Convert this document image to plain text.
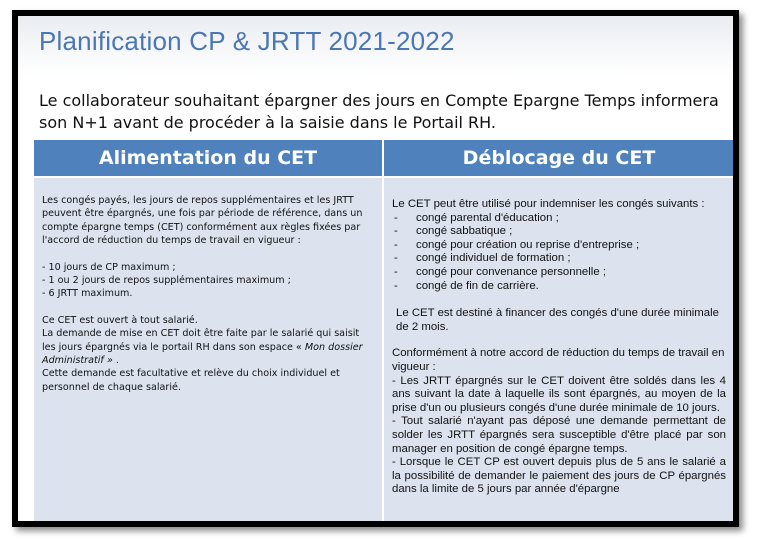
Planification CP & JRTT 2021-2022
Le collaborateur souhaitant épargner des jours en Compte Epargne Temps informera son N+1 avant de procéder à la saisie dans le Portail RH.
Alimentation du CET

Les congés payés, les jours de repos supplémentaires et les JRTT peuvent être épargnés, une fois par période de référence, dans un compte épargne temps (CET) conformément aux règles fixées par l'accord de réduction du temps de travail en vigueur :

- 10 jours de CP maximum ;
- 1 ou 2 jours de repos supplémentaires maximum ;
- 6 JRTT maximum.

Ce CET est ouvert à tout salarié.
La demande de mise en CET doit être faite par le salarié qui saisit les jours épargnés via le portail RH dans son espace « Mon dossier Administratif » .
Cette demande est facultative et relève du choix individuel et personnel de chaque salarié.

Déblocage du CET
Le CET peut être utilisé pour indemniser les congés suivants :
- congé parental d'éducation ;
- congé sabbatique ;
- congé pour création ou reprise d'entreprise ;
- congé individuel de formation ;
- congé pour convenance personnelle ;
- congé de fin de carrière.

Le CET est destiné à financer des congés d'une durée minimale de 2 mois.

Conformément à notre accord de réduction du temps de travail en vigueur :
- Les JRTT épargnés sur le CET doivent être soldés dans les 4 ans suivant la date à laquelle ils sont épargnés, au moyen de la prise d'un ou plusieurs congés d'une durée minimale de 10 jours.
- Tout salarié n'ayant pas déposé une demande permettant de solder les JRTT épargnés sera susceptible d'être placé par son manager en position de congé épargne temps.
- Lorsque le CET CP est ouvert depuis plus de 5 ans le salarié a la possibilité de demander le paiement des jours de CP épargnés dans la limite de 5 jours par année d'épargne
